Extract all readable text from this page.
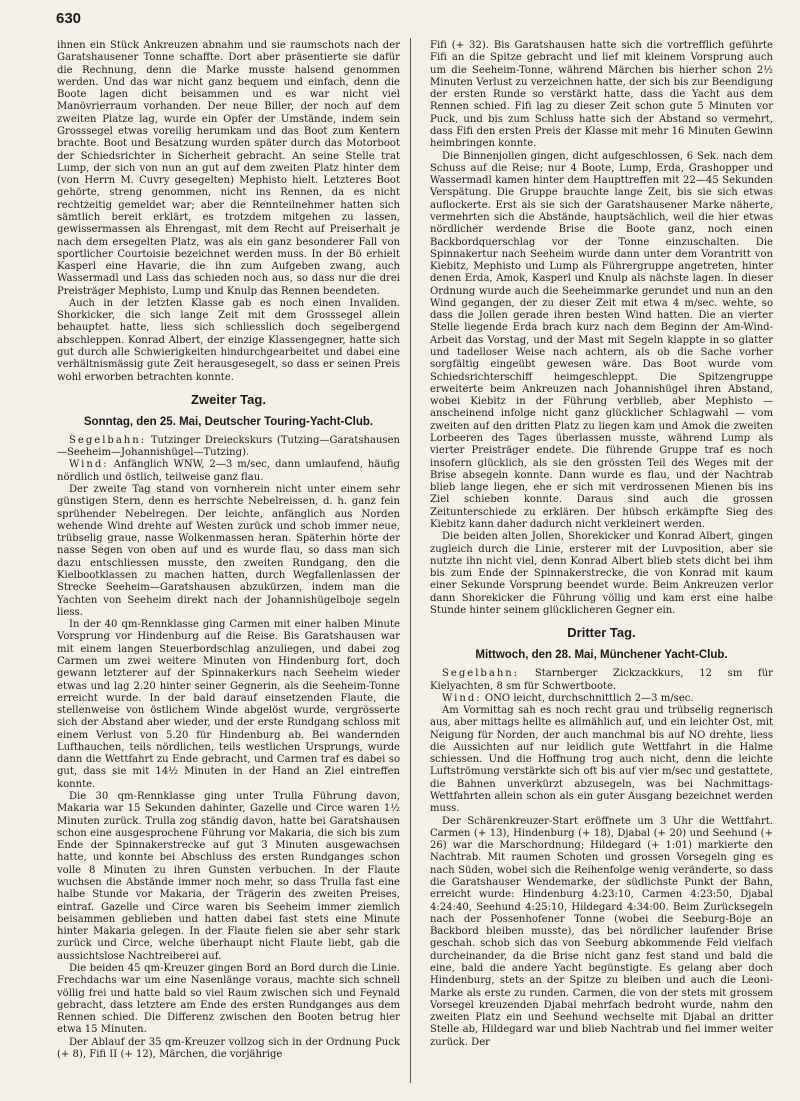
630

ihnen ein Stück Ankreuzen abnahm und sie raumschots nach der Garatshausener Tonne schaffte. Dort aber präsentierte sie dafür die Rechnung, denn die Marke musste halsend genommen werden. Und das war nicht ganz bequem und einfach, denn die Boote lagen dicht beisammen und es war nicht viel Manövrierraum vorhanden. Der neue Biller, der noch auf dem zweiten Platze lag, wurde ein Opfer der Umstände, indem sein Grosssegel etwas voreilig herumkam und das Boot zum Kentern brachte. Boot und Besatzung wurden später durch das Motorboot der Schiedsrichter in Sicherheit gebracht. An seine Stelle trat Lump, der sich von nun an gut auf dem zweiten Platz hinter dem (von Herrn M. Cuvry gesegelten) Mephisto hielt. Letzteres Boot gehörte, streng genommen, nicht ins Rennen, da es nicht rechtzeitig gemeldet war; aber die Rennteilnehmer hatten sich sämtlich bereit erklärt, es trotzdem mitgehen zu lassen, gewissermassen als Ehrengast, mit dem Recht auf Preiserhalt je nach dem ersegelten Platz, was als ein ganz besonderer Fall von sportlicher Courtoisie bezeichnet werden muss. In der Bö erhielt Kasperl eine Havarie, die ihn zum Aufgeben zwang, auch Wassermadl und Lass das schieden noch aus, so dass nur die drei Preisträger Mephisto, Lump und Knulp das Rennen beendeten.

Auch in der letzten Klasse gab es noch einen Invaliden. Shorkicker, die sich lange Zeit mit dem Grosssegel allein behauptet hatte, liess sich schliesslich doch segelbergend abschleppen. Konrad Albert, der einzige Klassengegner, hatte sich gut durch alle Schwierigkeiten hindurchgearbeitet und dabei eine verhältnismässig gute Zeit herausgesegelt, so dass er seinen Preis wohl erworben betrachten konnte.

Zweiter Tag.
Sonntag, den 25. Mai, Deutscher Touring-Yacht-Club.

Segelbahn: Tutzinger Dreieckskurs (Tutzing—Garatshausen—Seeheim—Johannishügel—Tutzing).

Wind: Anfänglich WNW, 2—3 m/sec, dann umlaufend, häufig nördlich und östlich, teilweise ganz flau.

Der zweite Tag stand von vornherein nicht unter einem sehr günstigen Stern, denn es herrschte Nebelreissen, d. h. ganz fein sprühender Nebelregen. Der leichte, anfänglich aus Norden wehende Wind drehte auf Westen zurück und schob immer neue, trübselig graue, nasse Wolkenmassen heran. Späterhin hörte der nasse Segen von oben auf und es wurde flau, so dass man sich dazu entschliessen musste, den zweiten Rundgang, den die Kielbootklassen zu machen hatten, durch Wegfallenlassen der Strecke Seeheim—Garatshausen abzukürzen, indem man die Yachten von Seeheim direkt nach der Johannishügelboje segeln liess.

In der 40 qm-Rennklasse ging Carmen mit einer halben Minute Vorsprung vor Hindenburg auf die Reise. Bis Garatshausen war mit einem langen Steuerbordschlag anzuliegen, und dabei zog Carmen um zwei weitere Minuten von Hindenburg fort, doch gewann letzterer auf der Spinnakerkurs nach Seeheim wieder etwas und lag 2.20 hinter seiner Gegnerin, als die Seeheim-Tonne erreicht wurde. In der bald darauf einsetzenden Flaute, die stellenweise von östlichem Winde abgelöst wurde, vergrösserte sich der Abstand aber wieder, und der erste Rundgang schloss mit einem Verlust von 5.20 für Hindenburg ab. Bei wandernden Lufthauchen, teils nördlichen, teils westlichen Ursprungs, wurde dann die Wettfahrt zu Ende gebracht, und Carmen traf es dabei so gut, dass sie mit 14½ Minuten in der Hand an Ziel eintreffen konnte.

Die 30 qm-Rennklasse ging unter Trulla Führung davon, Makaria war 15 Sekunden dahinter, Gazelle und Circe waren 1½ Minuten zurück. Trulla zog ständig davon, hatte bei Garatshausen schon eine ausgesprochene Führung vor Makaria, die sich bis zum Ende der Spinnakerstrecke auf gut 3 Minuten ausgewachsen hatte, und konnte bei Abschluss des ersten Rundganges schon volle 8 Minuten zu ihren Gunsten verbuchen. In der Flaute wuchsen die Abstände immer noch mehr, so dass Trulla fast eine halbe Stunde vor Makaria, der Trägerin des zweiten Preises, eintraf. Gazelle und Circe waren bis Seeheim immer ziemlich beisammen geblieben und hatten dabei fast stets eine Minute hinter Makaria gelegen. In der Flaute fielen sie aber sehr stark zurück und Circe, welche überhaupt nicht Flaute liebt, gab die aussichtslose Nachtreiberei auf.

Die beiden 45 qm-Kreuzer gingen Bord an Bord durch die Linie. Frechdachs war um eine Nasenlänge voraus, machte sich schnell völlig frei und hatte bald so viel Raum zwischen sich und Feynald gebracht, dass letztere am Ende des ersten Rundganges aus dem Rennen schied. Die Differenz zwischen den Booten betrug hier etwa 15 Minuten.

Der Ablauf der 35 qm-Kreuzer vollzog sich in der Ordnung Puck (+ 8), Fifi II (+ 12), Märchen, die vorjährige

Fifi (+ 32). Bis Garatshausen hatte sich die vortrefflich geführte Fifi an die Spitze gebracht und lief mit kleinem Vorsprung auch um die Seeheim-Tonne, während Märchen bis hierher schon 2½ Minuten Verlust zu verzeichnen hatte, der sich bis zur Beendigung der ersten Runde so verstärkt hatte, dass die Yacht aus dem Rennen schied. Fifi lag zu dieser Zeit schon gute 5 Minuten vor Puck, und bis zum Schluss hatte sich der Abstand so vermehrt, dass Fifi den ersten Preis der Klasse mit mehr 16 Minuten Gewinn heimbringen konnte.

Die Binnenjollen gingen, dicht aufgeschlossen, 6 Sek. nach dem Schuss auf die Reise; nur 4 Boote, Lump, Erda, Grashopper und Wassermadl kamen hinter dem Haupttreffen mit 22—45 Sekunden Verspätung. Die Gruppe brauchte lange Zeit, bis sie sich etwas auflockerte. Erst als sie sich der Garatshausener Marke näherte, vermehrten sich die Abstände, hauptsächlich, weil die hier etwas nördlicher werdende Brise die Boote ganz, noch einen Backbordquerschlag vor der Tonne einzuschalten. Die Spinnakertur nach Seeheim wurde dann unter dem Vorantritt von Kiebitz, Mephisto und Lump als Führergruppe angetreten, hinter denen Erda, Amok, Kasperl und Knulp als nächste lagen. In dieser Ordnung wurde auch die Seeheimmarke gerundet und nun an den Wind gegangen, der zu dieser Zeit mit etwa 4 m/sec. wehte, so dass die Jollen gerade ihren besten Wind hatten. Die an vierter Stelle liegende Erda brach kurz nach dem Beginn der Am-Wind-Arbeit das Vorstag, und der Mast mit Segeln klappte in so glatter und tadelloser Weise nach achtern, als ob die Sache vorher sorgfältig eingeübt gewesen wäre. Das Boot wurde vom Schiedsrichterschiff heimgeschleppt. Die Spitzengruppe erweiterte beim Ankreuzen nach Johannishügel ihren Abstand, wobei Kiebitz in der Führung verblieb, aber Mephisto — anscheinend infolge nicht ganz glücklicher Schlagwahl — vom zweiten auf den dritten Platz zu liegen kam und Amok die zweiten Lorbeeren des Tages überlassen musste, während Lump als vierter Preisträger endete. Die führende Gruppe traf es noch insofern glücklich, als sie den grössten Teil des Weges mit der Brise absegeln konnte. Dann wurde es flau, und der Nachtrab blieb lange liegen, ehe er sich mit verdrossenen Mienen bis ins Ziel schieben konnte. Daraus sind auch die grossen Zeitunterschiede zu erklären. Der hübsch erkämpfte Sieg des Kiebitz kann daher dadurch nicht verkleinert werden.

Die beiden alten Jollen, Shorekicker und Konrad Albert, gingen zugleich durch die Linie, ersterer mit der Luvposition, aber sie nutzte ihn nicht viel, denn Konrad Albert blieb stets dicht bei ihm bis zum Ende der Spinnakerstrecke, die von Konrad mit kaum einer Sekunde Vorsprung beendet wurde. Beim Ankreuzen verlor dann Shorekicker die Führung völlig und kam erst eine halbe Stunde hinter seinem glücklicheren Gegner ein.

Dritter Tag.
Mittwoch, den 28. Mai, Münchener Yacht-Club.

Segelbahn: Starnberger Zickzackkurs, 12 sm für Kielyachten, 8 sm für Schwertboote.

Wind: ONO leicht, durchschnittlich 2—3 m/sec.

Am Vormittag sah es noch recht grau und trübselig regnerisch aus, aber mittags hellte es allmählich auf, und ein leichter Ost, mit Neigung für Norden, der auch manchmal bis auf NO drehte, liess die Aussichten auf nur leidlich gute Wettfahrt in die Halme schiessen. Und die Hoffnung trog auch nicht, denn die leichte Luftströmung verstärkte sich oft bis auf vier m/sec und gestattete, die Bahnen unverkürzt abzusegeln, was bei Nachmittags-Wettfahrten allein schon als ein guter Ausgang bezeichnet werden muss.

Der Schärenkreuzer-Start eröffnete um 3 Uhr die Wettfahrt. Carmen (+ 13), Hindenburg (+ 18), Djabal (+ 20) und Seehund (+ 26) war die Marschordnung; Hildegard (+ 1:01) markierte den Nachtrab. Mit raumen Schoten und grossen Vorsegeln ging es nach Süden, wobei sich die Reihenfolge wenig veränderte, so dass die Garatshauser Wendemarke, der südlichste Punkt der Bahn, erreicht wurde: Hindenburg 4:23:10, Carmen 4:23:50, Djabal 4:24:40, Seehund 4:25:10, Hildegard 4:34:00. Beim Zurücksegeln nach der Possenhofener Tonne (wobei die Seeburg-Boje an Backbord bleiben musste), das bei nördlicher laufender Brise geschah. schob sich das von Seeburg abkommende Feld vielfach durcheinander, da die Brise nicht ganz fest stand und bald die eine, bald die andere Yacht begünstigte. Es gelang aber doch Hindenburg, stets an der Spitze zu bleiben und auch die Leoni-Marke als erste zu runden. Carmen, die von der stets mit grossem Vorsegel kreuzenden Djabal mehrfach bedroht wurde, nahm den zweiten Platz ein und Seehund wechselte mit Djabal an dritter Stelle ab, Hildegard war und blieb Nachtrab und fiel immer weiter zurück. Der
